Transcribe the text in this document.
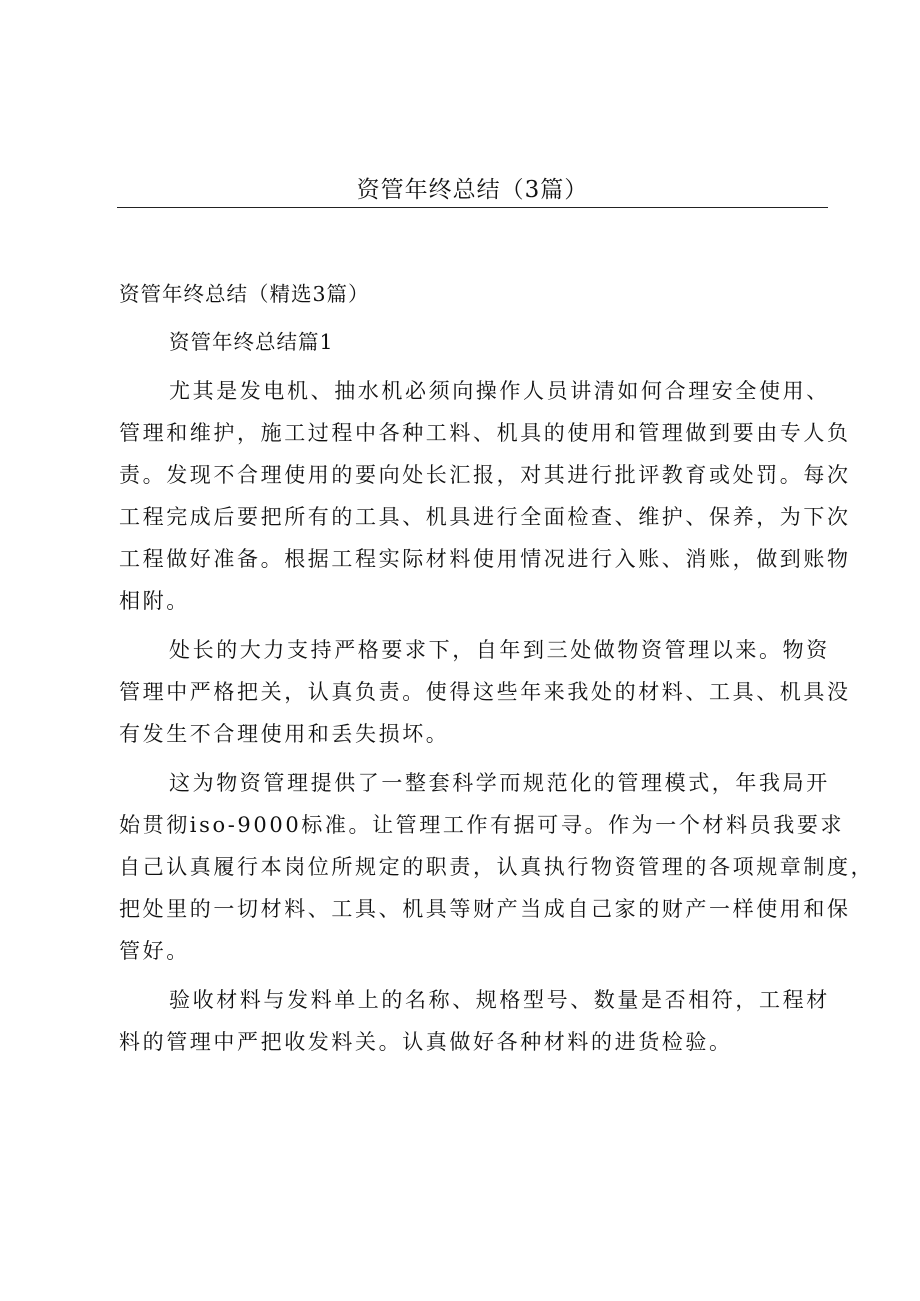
资管年终总结（3篇）

资管年终总结（精选3篇）

资管年终总结篇1

尤其是发电机、抽水机必须向操作人员讲清如何合理安全使用、
管理和维护，施工过程中各种工料、机具的使用和管理做到要由专人负
责。发现不合理使用的要向处长汇报，对其进行批评教育或处罚。每次
工程完成后要把所有的工具、机具进行全面检查、维护、保养，为下次
工程做好准备。根据工程实际材料使用情况进行入账、消账，做到账物
相附。

处长的大力支持严格要求下，自年到三处做物资管理以来。物资
管理中严格把关，认真负责。使得这些年来我处的材料、工具、机具没
有发生不合理使用和丢失损坏。

这为物资管理提供了一整套科学而规范化的管理模式，年我局开
始贯彻iso-9000标准。让管理工作有据可寻。作为一个材料员我要求
自己认真履行本岗位所规定的职责，认真执行物资管理的各项规章制度，
把处里的一切材料、工具、机具等财产当成自己家的财产一样使用和保
管好。

验收材料与发料单上的名称、规格型号、数量是否相符，工程材
料的管理中严把收发料关。认真做好各种材料的进货检验。
